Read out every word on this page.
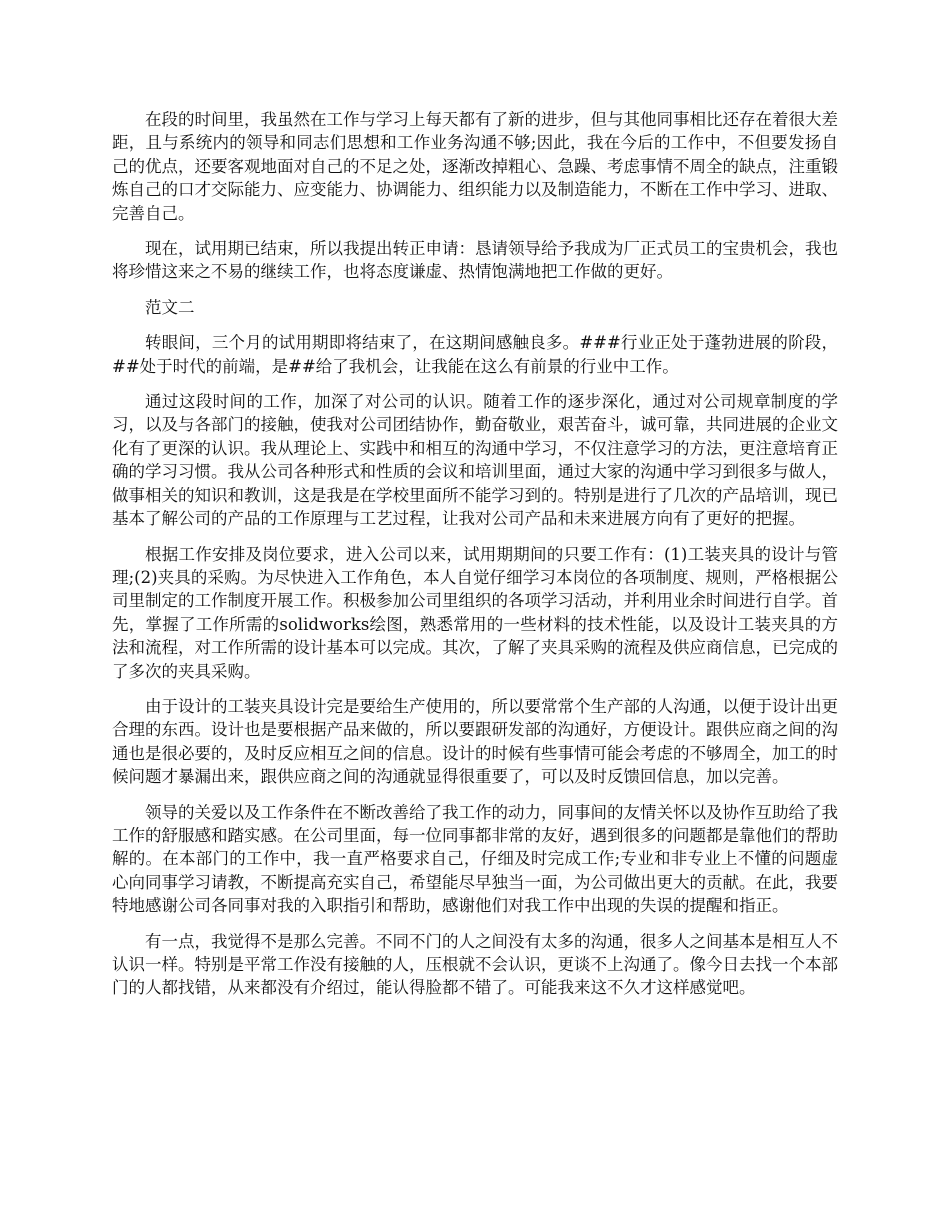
在段的时间里，我虽然在工作与学习上每天都有了新的进步，但与其他同事相比还存在着很大差距，且与系统内的领导和同志们思想和工作业务沟通不够;因此，我在今后的工作中，不但要发扬自己的优点，还要客观地面对自己的不足之处，逐渐改掉粗心、急躁、考虑事情不周全的缺点，注重锻炼自己的口才交际能力、应变能力、协调能力、组织能力以及制造能力，不断在工作中学习、进取、完善自己。

现在，试用期已结束，所以我提出转正申请：恳请领导给予我成为厂正式员工的宝贵机会，我也将珍惜这来之不易的继续工作，也将态度谦虚、热情饱满地把工作做的更好。

范文二

转眼间，三个月的试用期即将结束了，在这期间感触良多。###行业正处于蓬勃进展的阶段，##处于时代的前端，是##给了我机会，让我能在这么有前景的行业中工作。

通过这段时间的工作，加深了对公司的认识。随着工作的逐步深化，通过对公司规章制度的学习，以及与各部门的接触，使我对公司团结协作，勤奋敬业，艰苦奋斗，诚可靠，共同进展的企业文化有了更深的认识。我从理论上、实践中和相互的沟通中学习，不仅注意学习的方法，更注意培育正确的学习习惯。我从公司各种形式和性质的会议和培训里面，通过大家的沟通中学习到很多与做人，做事相关的知识和教训，这是我是在学校里面所不能学习到的。特别是进行了几次的产品培训，现已基本了解公司的产品的工作原理与工艺过程，让我对公司产品和未来进展方向有了更好的把握。

根据工作安排及岗位要求，进入公司以来，试用期期间的只要工作有：(1)工装夹具的设计与管理;(2)夹具的采购。为尽快进入工作角色，本人自觉仔细学习本岗位的各项制度、规则，严格根据公司里制定的工作制度开展工作。积极参加公司里组织的各项学习活动，并利用业余时间进行自学。首先，掌握了工作所需的solidworks绘图，熟悉常用的一些材料的技术性能，以及设计工装夹具的方法和流程，对工作所需的设计基本可以完成。其次，了解了夹具采购的流程及供应商信息，已完成的了多次的夹具采购。

由于设计的工装夹具设计完是要给生产使用的，所以要常常个生产部的人沟通，以便于设计出更合理的东西。设计也是要根据产品来做的，所以要跟研发部的沟通好，方便设计。跟供应商之间的沟通也是很必要的，及时反应相互之间的信息。设计的时候有些事情可能会考虑的不够周全，加工的时候问题才暴漏出来，跟供应商之间的沟通就显得很重要了，可以及时反馈回信息，加以完善。

领导的关爱以及工作条件在不断改善给了我工作的动力，同事间的友情关怀以及协作互助给了我工作的舒服感和踏实感。在公司里面，每一位同事都非常的友好，遇到很多的问题都是靠他们的帮助解的。在本部门的工作中，我一直严格要求自己，仔细及时完成工作;专业和非专业上不懂的问题虚心向同事学习请教，不断提高充实自己，希望能尽早独当一面，为公司做出更大的贡献。在此，我要特地感谢公司各同事对我的入职指引和帮助，感谢他们对我工作中出现的失误的提醒和指正。

有一点，我觉得不是那么完善。不同不门的人之间没有太多的沟通，很多人之间基本是相互人不认识一样。特别是平常工作没有接触的人，压根就不会认识，更谈不上沟通了。像今日去找一个本部门的人都找错，从来都没有介绍过，能认得脸都不错了。可能我来这不久才这样感觉吧。
